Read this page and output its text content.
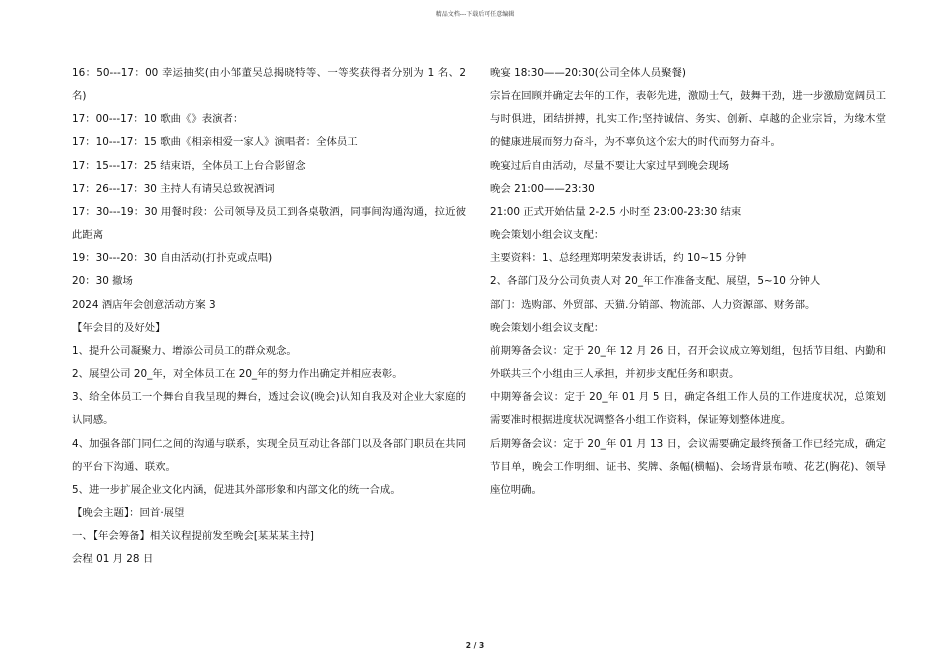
精品文档---下载后可任意编辑

16：50---17：00 幸运抽奖(由小邹董吴总揭晓特等、一等奖获得者分别为 1 名、2 名)

17：00---17：10 歌曲《》表演者：

17：10---17：15 歌曲《相亲相爱一家人》演唱者：全体员工

17：15---17：25 结束语，全体员工上台合影留念

17：26---17：30 主持人有请吴总致祝酒词

17：30---19：30 用餐时段：公司领导及员工到各桌敬酒，同事间沟通沟通，拉近彼此距离

19：30---20：30 自由活动(打扑克或点唱)

20：30 撤场

2024 酒店年会创意活动方案 3

【年会目的及好处】

1、提升公司凝聚力、增添公司员工的群众观念。

2、展望公司 20_年，对全体员工在 20_年的努力作出确定并相应表彰。

3、给全体员工一个舞台自我呈现的舞台，透过会议(晚会)认知自我及对企业大家庭的认同感。

4、加强各部门同仁之间的沟通与联系，实现全员互动让各部门以及各部门职员在共同的平台下沟通、联欢。

5、进一步扩展企业文化内涵，促进其外部形象和内部文化的统一合成。

【晚会主题】：回首·展望

一、【年会筹备】相关议程提前发至晚会[某某某主持]

会程 01 月 28 日

晚宴 18:30——20:30(公司全体人员聚餐)

宗旨在回顾并确定去年的工作，表彰先进，激励士气，鼓舞干劲，进一步激励宽阔员工与时俱进，团结拼搏，扎实工作;坚持诚信、务实、创新、卓越的企业宗旨，为缘木堂的健康进展而努力奋斗，为不辜负这个宏大的时代而努力奋斗。

晚宴过后自由活动，尽量不要让大家过早到晚会现场

晚会 21:00——23:30

21:00 正式开始估量 2-2.5 小时至 23:00-23:30 结束

晚会策划小组会议支配：

主要资料：1、总经理郑明荣发表讲话，约 10~15 分钟

2、各部门及分公司负责人对 20_年工作准备支配、展望，5~10 分钟人

部门：选购部、外贸部、天猫.分销部、物流部、人力资源部、财务部。

晚会策划小组会议支配：

前期筹备会议：定于 20_年 12 月 26 日，召开会议成立筹划组，包括节目组、内勤和外联共三个小组由三人承担，并初步支配任务和职责。

中期筹备会议：定于 20_年 01 月 5 日，确定各组工作人员的工作进度状况，总策划需要准时根据进度状况调整各小组工作资料，保证筹划整体进度。

后期筹备会议：定于 20_年 01 月 13 日，会议需要确定最终预备工作已经完成，确定节目单，晚会工作明细、证书、奖牌、条幅(横幅)、会场背景布喷、花艺(胸花)、领导座位明确。

2 / 3
